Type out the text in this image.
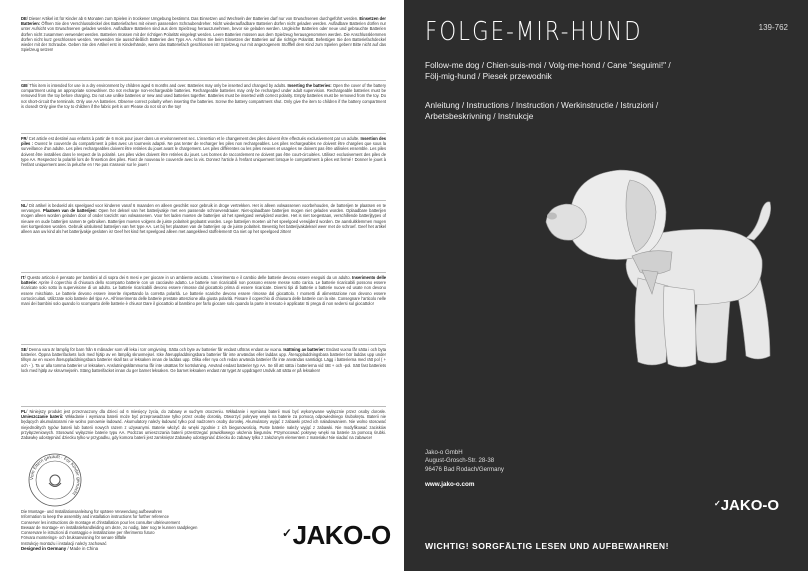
DE/ Dieser Artikel ist für Kinder ab 6 Monaten zum Spielen in trockener Umgebung bestimmt. Das Einsetzen und Wechseln der Batterien darf nur von Erwachsenen durchgeführt werden. Einsetzen der Batterien: Öffnen Sie den Verschlussdeckel des Batteriefaches mit einem passenden Schraubendreher. Nicht wiederaufladbare Batterien dürfen nicht geladen werden. Aufladbare Batterien dürfen nur unter Aufsicht von Erwachsenen geladen werden. Aufladbare Batterien sind aus dem Spielzeug herauszunehmen, bevor sie geladen werden. Ungleiche Batterien oder neue und gebrauchte Batterien dürfen nicht zusammen verwendet werden. Batterien müssen mit der richtigen Polarität eingelegt werden. Leere Batterien müssen aus dem Spielzeug herausgenommen werden. Die Anschlussklemmen dürfen nicht kurz geschlossen werden. Verwenden Sie ausschließlich Batterien des Typs AA. Achten Sie beim Einsetzen der Batterien auf die richtige Polarität. Befestigen Sie den Batteriefachdeckel wieder mit der Schraube. Geben Sie den Artikel erst in Kinderhände, wenn das Batteriefach geschlossen ist! Spielzeug nur mit angezogenem Stofffell dem Kind zum Spielen geben! Bitte nicht auf das Spielzeug setzen!
GB/ This item is intended for use in a dry environment by children aged 6 months and over. Batteries may only be inserted and changed by adults. Inserting the batteries: Open the cover of the battery compartment using an appropriate screwdriver. Do not recharge non-rechargeable batteries. Rechargeable batteries may only be recharged under adult supervision. Rechargeable batteries must be removed from the toy before charging. Do not use unlike batteries or new and used batteries together. Batteries must be inserted with correct polarity. Empty batteries must be removed from the toy. Do not short-circuit the terminals. Only use AA batteries. Observe correct polarity when inserting the batteries. Screw the battery compartment shut. Only give the item to children if the battery compartment is closed! Only give the toy to children if the fabric pelt is on! Please do not sit on the toy!
FR/ Cet article est destiné aux enfants à partir de 6 mois pour jouer dans un environnement sec. L'insertion et le changement des piles doivent être effectués exclusivement par un adulte. Insertion des piles : Ouvrez le couvercle du compartiment à piles avec un tournevis adapté. Ne pas tenter de recharger les piles non rechargeables. Les piles rechargeables ne doivent être chargées que sous la surveillance d'un adulte. Les piles rechargeables doivent être retirées du jouet avant le chargement. Les piles différentes ou les piles neuves et usagées ne doivent pas être utilisées ensemble. Les piles doivent être installées dans le respect de la polarité. Les piles vides doivent être retirées du jouet. Les bornes de raccordement ne doivent pas être court-circuitées. Utilisez exclusivement des piles de type AA. Respectez la polarité lors de l'insertion des piles. Fixez de nouveau le couvercle avec la vis. Donnez l'article à l'enfant uniquement lorsque le compartiment à piles est fermé ! Donner le jouet à l'enfant uniquement avec la peluche en ! Ne pas s'asseoir sur le jouet !
NL/ Dit artikel is bedoeld als speelgoed voor kinderen vanaf 6 maanden en alleen geschikt voor gebruik in droge vertrekken. Het is alleen volwassenen voorbehouden, de batterijen te plaatsen en te vervangen. Plaatsen van de batterijen: Open het deksel van het batterijvakje met een passende schroevendraaier. Niet-oplaadbare batterijen mogen niet geladen worden. Oplaadbare batterijen mogen alleen worden geladen door of onder toezicht van volwassenen. Voor het laden moeten de batterijen uit het speelgoed verwijderd worden. Het is niet toegestaan, verschillende batterijtypes of nieuwe en oude batterijen samen te gebruiken. Batterijen moeten volgens de juiste polariteit geplaatst worden. Lege batterijen moeten uit het speelgoed verwijderd worden. De aansluitklemmen mogen niet kortgesloten worden. Gebruik uitsluitend batterijen van het type AA. Let bij het plaatsen van de batterijen op de juiste polariteit. Bevestig het batterijvakdeksel weer met de schroef. Geef het artikel alleen aan uw kind als het batterijvakje gesloten is! Geef het kind het speelgoed alleen met aangekleed stoffelement! Ga niet op het speelgoed zitten!
IT/ Questo articolo è pensato per bambini al di sopra dei 6 mesi e per giocare in un ambiente asciutto. L'inserimento e il cambio delle batterie devono essere eseguiti da un adulto. Inserimento delle batterie: Aprire il coperchio di chiusura dello scomparto batterie con un cacciavite adatto. Le batterie non ricaricabili non possono essere messe sotto carica. Le batterie ricaricabili possono essere ricaricate solo sotto la supervisione di un adulto. Le batterie ricaricabili devono essere rimosse dal giocattolo prima di essere ricaricate. Diversi tipi di batterie o batterie nuove ed usate non devono essere mischiate. Le batterie devono essere inserite rispettando la corretta polarità. Le batterie scariche devono essere rimosse dal giocattolo. I morsetti di alimentazione non devono essere cortocircuitati. Utilizzate solo batterie del tipo AA. All'inserimento delle batterie prestate attenzione alla giusta polarità. Fissare il coperchio di chiusura delle batterie con la vite. Consegnare l'articolo nelle mani dei bambini solo quando lo scomparto delle batterie è chiuso! Dare il giocattolo al bambino per farlo giocare solo quando la parte in tessuto è applicata! Si prega di non sedersi sul giocattolo!
SE/ Denna vara är lämplig för barn från 6 månader som vill leka i torr omgivning. Sätta och byte av batterier får endast utföras endast av vuxna. Isättning av batterier: Endast vuxna får sätta i och byta batterier. Öppna batterifackets lock med hjälp av en lämplig skruvmejsel. Icke återuppladdningsbara batterier får inte användas eller laddas upp. Återuppladdningsbara batterier bör laddas upp under tillsyn av en vuxen återuppladdningsbara batterier skall tas ur leksaken innan de laddas upp. Olika eller nya och redan använda batterier får inte användas samtidigt. Lägg i batterierna med rätt pol ( + och - ). Ta ur alla tomma batterier ur leksaken. Anslutningsklämmorna får inte utsättas för kortslutning. Använd endast batterier typ AA. Se till att sätta i batterierna vid rätt + och -pol. Sätt fast batteriets lock med hjälp av skruvmejseln. Stäng batterifacket innan du ger barnet leksaken. Ge barnet leksaken endast när tyget är uppdraget! Undvik att sätta er på leksaken!
PL/ Niniejszy produkt jest przeznaczony dla dzieci od 6 miesięcy życia, do zabawy w suchym otoczeniu. Wkładanie i wymiana baterii musi być wykonywane wyłącznie przez osoby dorosłe. Umieszczanie baterii: Wkładanie i wymiana baterii może być przeprowadzane tylko przez osobę dorosłą. Otworzyć pokrywę wnęki na baterie za pomocą odpowiedniego śrubokrętu. Baterii nie będących akumulatorami nie wolno ponownie ładować. Akumulatory należy ładować tylko pod nadzorem osoby dorosłej. Akumulatory wyjąć z zabawki przed ich naładowaniem. Nie wolno stosować niejednolitych typów baterii lub baterii nowych razem z używanymi. Baterie włożyć do wnęki zgodnie z ich biegunowością. Puste baterie należy wyjąć z zabawki. Nie modyfikować zacisków przyłączeniowych. Stosować wyłącznie baterie typu AA. Podczas umieszczania baterii przestrzegać prawidłowego ułożenia biegunów. Przymocować pokrywę wnęki na baterie za pomocą śrubki. Zabawkę udostępniać dziecku tylko w przypadku, gdy komora baterii jest zamknięta! Zabawkę udostępniać dziecku do zabawy tylko z założonym elementem z materiału! Nie siadać na zabawce!
Vom Eltern gekauft · Für Kinder gemacht
Die Montage- und Installationsanleitung für späterе Verwendung aufbewahren
Information to keep the assembly and installation instructions for further reference
Conserver les instructions de montage et d'installation pour les consulter ultérieurement
Bewaar de montage- en installatiehandleiding om deze, zo nodig, later nog te kunnen raadplegen
Conservare le istruzioni di montaggio e installazione per riferimento futuro
Förvara monterings- och bruksanvisning för senare tillfälle
Instrukcję montażu i instalacji należy zachować
Designed in Germany / Made in China
✓JAKO-O
FOLGE-MIR-HUND	139-762
Follow-me dog / Chien-suis-moi / Volg-me-hond / Cane "seguimi!" /
Följ-mig-hund / Piesek przewodnik
Anleitung / Instructions / Instruction / Werkinstructie / Istruzioni /
Arbetsbeskrivning / Instrukcje
Jako-o GmbH
August-Grosch-Str. 28-38
96476 Bad Rodach/Germany
www.jako-o.com
✓JAKO-O
WICHTIG! SORGFÄLTIG LESEN UND AUFBEWAHREN!
